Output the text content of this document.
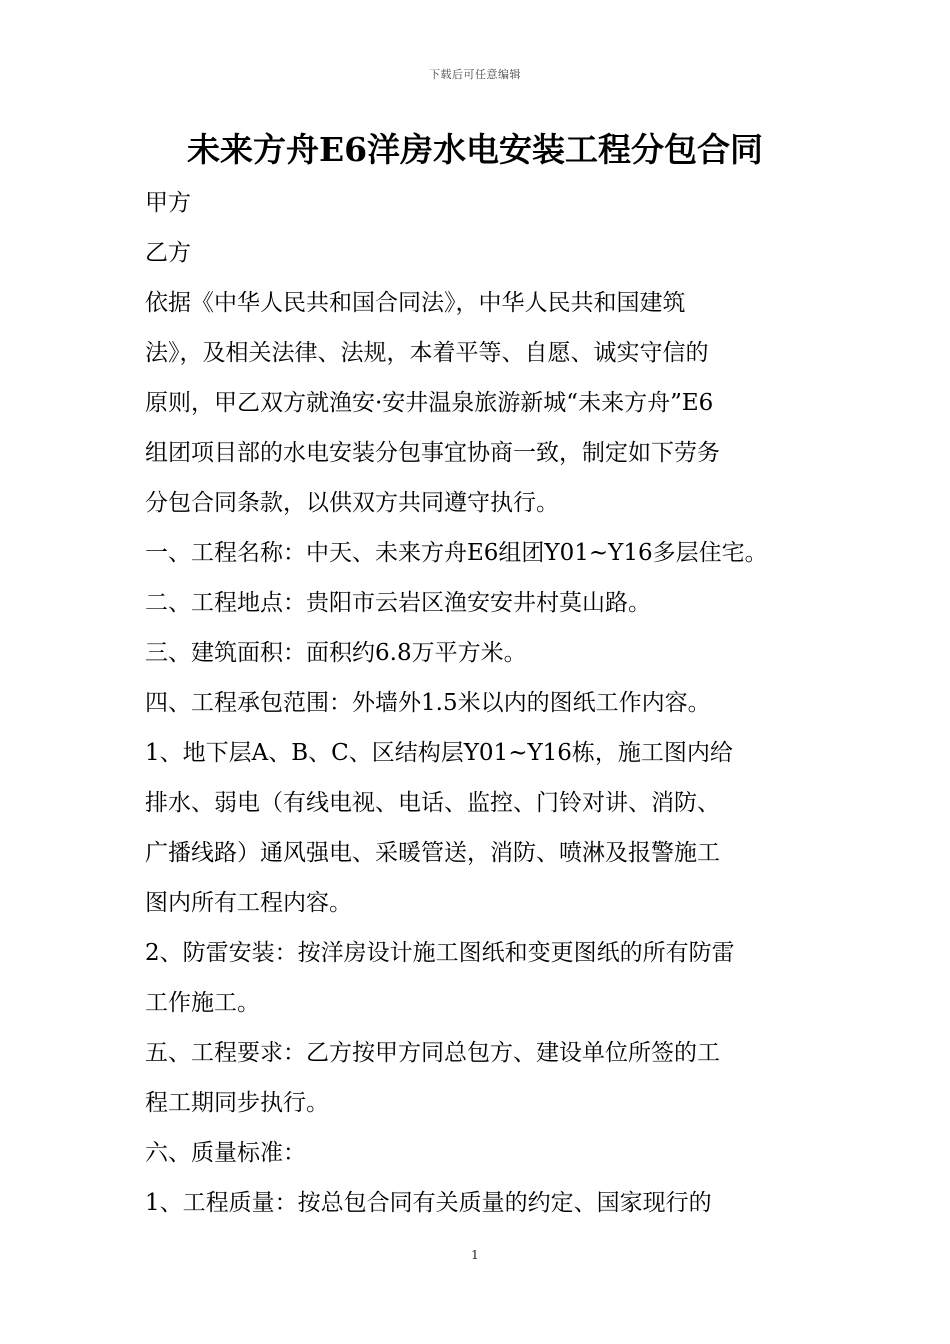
下载后可任意编辑
未来方舟E6洋房水电安装工程分包合同

甲方

乙方

依据《中华人民共和国合同法》，中华人民共和国建筑

法》，及相关法律、法规，本着平等、自愿、诚实守信的

原则，甲乙双方就渔安·安井温泉旅游新城“未来方舟”E6

组团项目部的水电安装分包事宜协商一致，制定如下劳务

分包合同条款，以供双方共同遵守执行。

一、工程名称：中天、未来方舟E6组团Y01~Y16多层住宅。

二、工程地点：贵阳市云岩区渔安安井村莫山路。

三、建筑面积：面积约6.8万平方米。

四、工程承包范围：外墙外1.5米以内的图纸工作内容。

1、地下层A、B、C、区结构层Y01~Y16栋，施工图内给

排水、弱电（有线电视、电话、监控、门铃对讲、消防、

广播线路）通风强电、采暖管送，消防、喷淋及报警施工

图内所有工程内容。

2、防雷安装：按洋房设计施工图纸和变更图纸的所有防雷

工作施工。

五、工程要求：乙方按甲方同总包方、建设单位所签的工

程工期同步执行。

六、质量标准：

1、工程质量：按总包合同有关质量的约定、国家现行的

1
